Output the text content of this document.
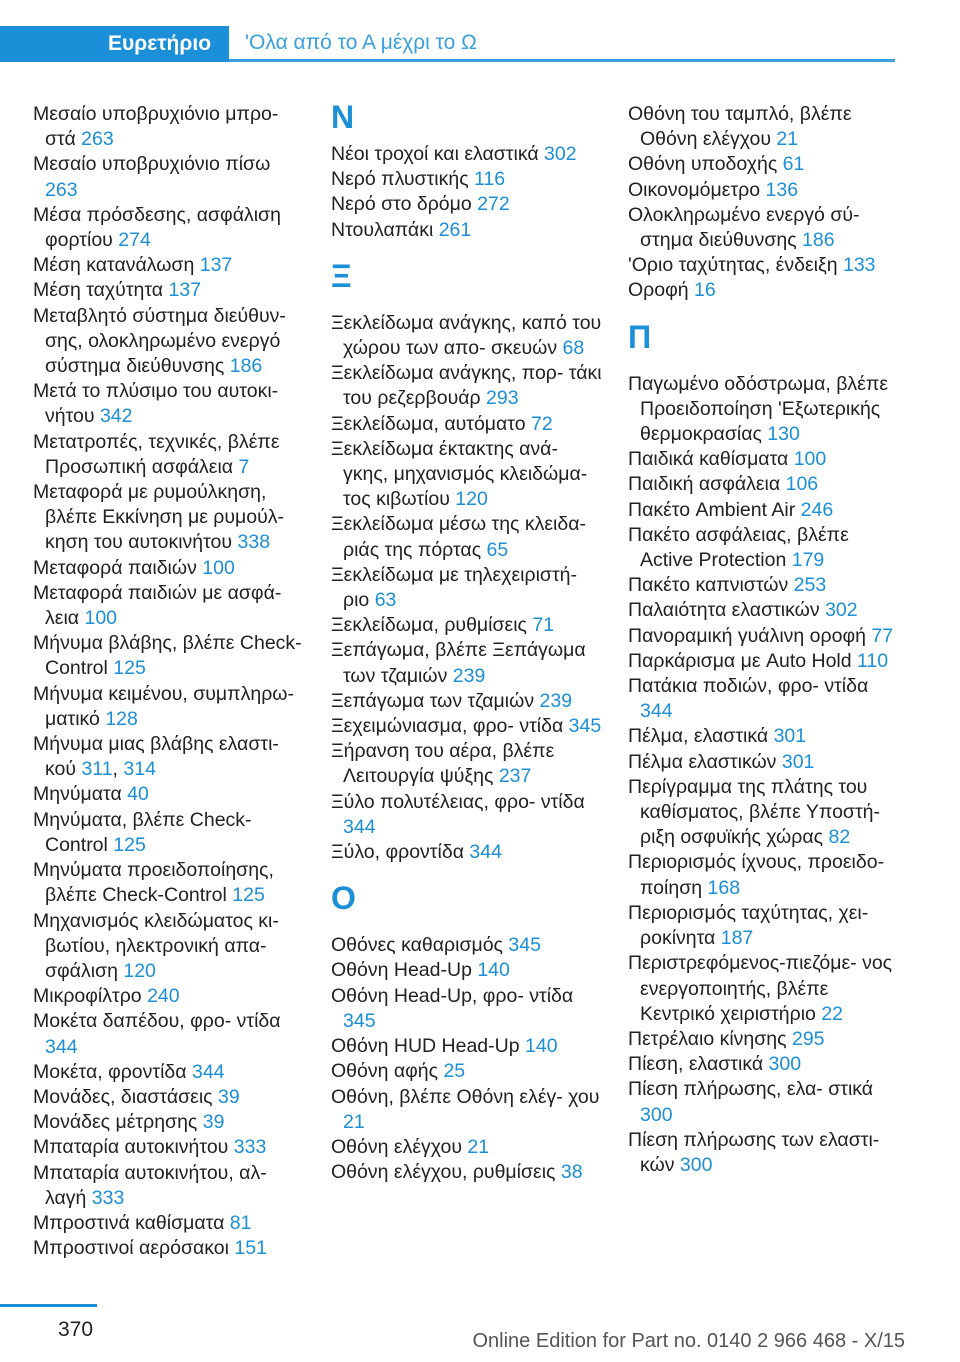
Ευρετήριο	'Ολα από το Α μέχρι το Ω
Μεσαίο υποβρυχιόνιο μπρο‐ στά 263
Μεσαίο υποβρυχιόνιο πίσω 263
Μέσα πρόσδεσης, ασφάλιση φορτίου 274
Μέση κατανάλωση 137
Μέση ταχύτητα 137
Μεταβλητό σύστημα διεύθυν‐ σης, ολοκληρωμένο ενεργό σύστημα διεύθυνσης 186
Μετά το πλύσιμο του αυτοκι‐ νήτου 342
Μετατροπές, τεχνικές, βλέπε Προσωπική ασφάλεια 7
Μεταφορά με ρυμούλκηση, βλέπε Εκκίνηση με ρυμούλ‐ κηση του αυτοκινήτου 338
Μεταφορά παιδιών 100
Μεταφορά παιδιών με ασφά‐ λεια 100
Μήνυμα βλάβης, βλέπε Check-Control 125
Μήνυμα κειμένου, συμπληρω‐ ματικό 128
Μήνυμα μιας βλάβης ελαστι‐ κού 311, 314
Μηνύματα 40
Μηνύματα, βλέπε Check-Control 125
Μηνύματα προειδοποίησης, βλέπε Check-Control 125
Μηχανισμός κλειδώματος κι‐ βωτίου, ηλεκτρονική απα‐ σφάλιση 120
Μικροφίλτρο 240
Μοκέτα δαπέδου, φρο‐ ντίδα 344
Μοκέτα, φροντίδα 344
Μονάδες, διαστάσεις 39
Μονάδες μέτρησης 39
Μπαταρία αυτοκινήτου 333
Μπαταρία αυτοκινήτου, αλ‐ λαγή 333
Μπροστινά καθίσματα 81
Μπροστινοί αερόσακοι 151
Ν
Νέοι τροχοί και ελαστικά 302
Νερό πλυστικής 116
Νερό στο δρόμο 272
Ντουλαπάκι 261
Ξ
Ξεκλείδωμα ανάγκης, καπό του χώρου των απο‐ σκευών 68
Ξεκλείδωμα ανάγκης, πορ‐ τάκι του ρεζερβουάρ 293
Ξεκλείδωμα, αυτόματο 72
Ξεκλείδωμα έκτακτης ανά‐ γκης, μηχανισμός κλειδώμα‐ τος κιβωτίου 120
Ξεκλείδωμα μέσω της κλειδα‐ ριάς της πόρτας 65
Ξεκλείδωμα με τηλεχειριστή‐ ριο 63
Ξεκλείδωμα, ρυθμίσεις 71
Ξεπάγωμα, βλέπε Ξεπάγωμα των τζαμιών 239
Ξεπάγωμα των τζαμιών 239
Ξεχειμώνιασμα, φρο‐ ντίδα 345
Ξήρανση του αέρα, βλέπε Λειτουργία ψύξης 237
Ξύλο πολυτέλειας, φρο‐ ντίδα 344
Ξύλο, φροντίδα 344
Ο
Οθόνες καθαρισμός 345
Οθόνη Head-Up 140
Οθόνη Head-Up, φρο‐ ντίδα 345
Οθόνη HUD Head-Up 140
Οθόνη αφής 25
Οθόνη, βλέπε Οθόνη ελέγ‐ χου 21
Οθόνη ελέγχου 21
Οθόνη ελέγχου, ρυθμίσεις 38
Οθόνη του ταμπλό, βλέπε Οθόνη ελέγχου 21
Οθόνη υποδοχής 61
Οικονομόμετρο 136
Ολοκληρωμένο ενεργό σύ‐ στημα διεύθυνσης 186
'Οριο ταχύτητας, ένδειξη 133
Οροφή 16
Π
Παγωμένο οδόστρωμα, βλέπε Προειδοποίηση 'Εξωτερικής θερμοκρασίας 130
Παιδικά καθίσματα 100
Παιδική ασφάλεια 106
Πακέτο Ambient Air 246
Πακέτο ασφάλειας, βλέπε Active Protection 179
Πακέτο καπνιστών 253
Παλαιότητα ελαστικών 302
Πανοραμική γυάλινη οροφή 77
Παρκάρισμα με Auto Hold 110
Πατάκια ποδιών, φρο‐ ντίδα 344
Πέλμα, ελαστικά 301
Πέλμα ελαστικών 301
Περίγραμμα της πλάτης του καθίσματος, βλέπε Υποστή‐ ριξη οσφυϊκής χώρας 82
Περιορισμός ίχνους, προειδο‐ ποίηση 168
Περιορισμός ταχύτητας, χει‐ ροκίνητα 187
Περιστρεφόμενος-πιεζόμε‐ νος ενεργοποιητής, βλέπε Κεντρικό χειριστήριο 22
Πετρέλαιο κίνησης 295
Πίεση, ελαστικά 300
Πίεση πλήρωσης, ελα‐ στικά 300
Πίεση πλήρωσης των ελαστι‐ κών 300
370	Online Edition for Part no. 0140 2 966 468 - X/15
